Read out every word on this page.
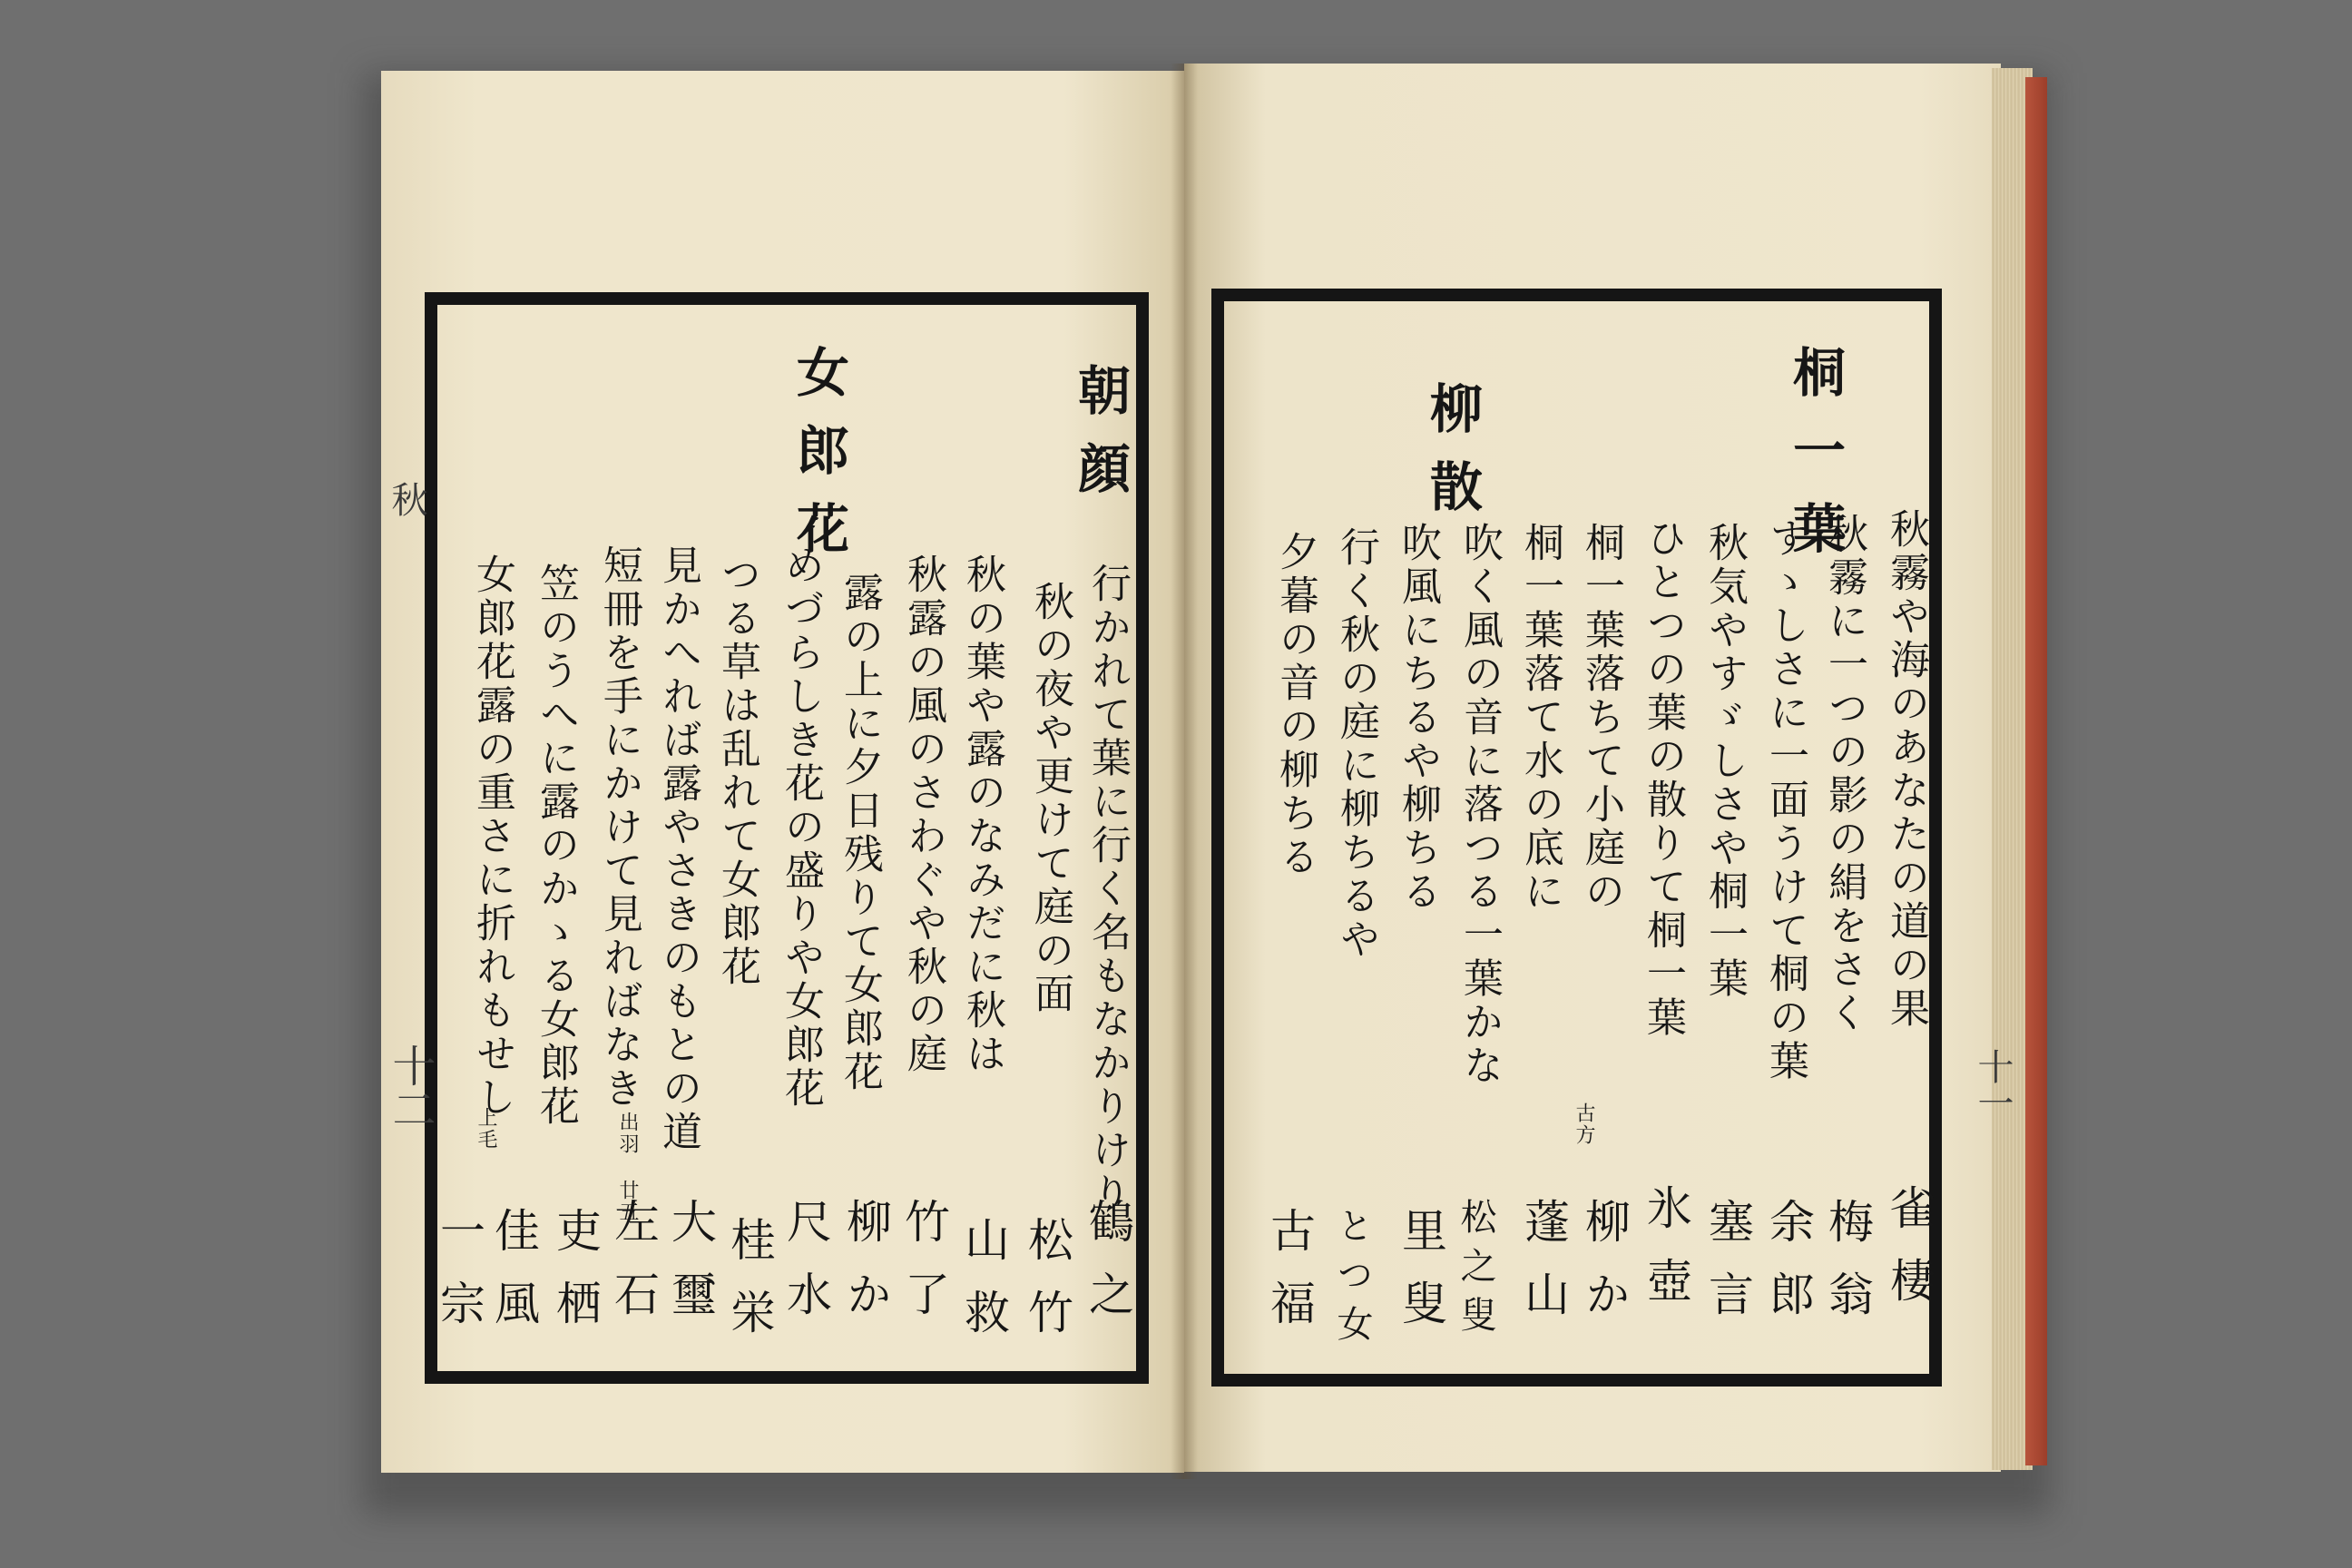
秋
十二	十一
朝顔
女郎花
行かれて葉に行く名もなかりけり
秋の夜や更けて庭の面
秋の葉や露のなみだに秋は
秋露の風のさわぐや秋の庭
露の上に夕日残りて女郎花
めづらしき花の盛りや女郎花
つる草は乱れて女郎花
見かへれば露やさきのもとの道
短冊を手にかけて見ればなき
笠のうへに露のかゝる女郎花
女郎花露の重さに折れもせし
出羽 廿五
上毛
鶴之
松竹
山救
竹了
柳か
尺水
桂栄
大璽
左石
吏栖
佳風
一宗
桐一葉
柳散
秋霧や海のあなたの道の果
秋霧に一つの影の絹をさく
すゝしさに一面うけて桐の葉
秋気やすゞしさや桐一葉
ひとつの葉の散りて桐一葉
桐一葉落ちて小庭の
桐一葉落て水の底に
吹く風の音に落つる一葉かな
吹風にちるや柳ちる
行く秋の庭に柳ちるや
夕暮の音の柳ちる
古方
雀棲
梅翁
余郎
塞言
氷壺
柳か
蓬山
松之叟
里叟
とつ女
古福
